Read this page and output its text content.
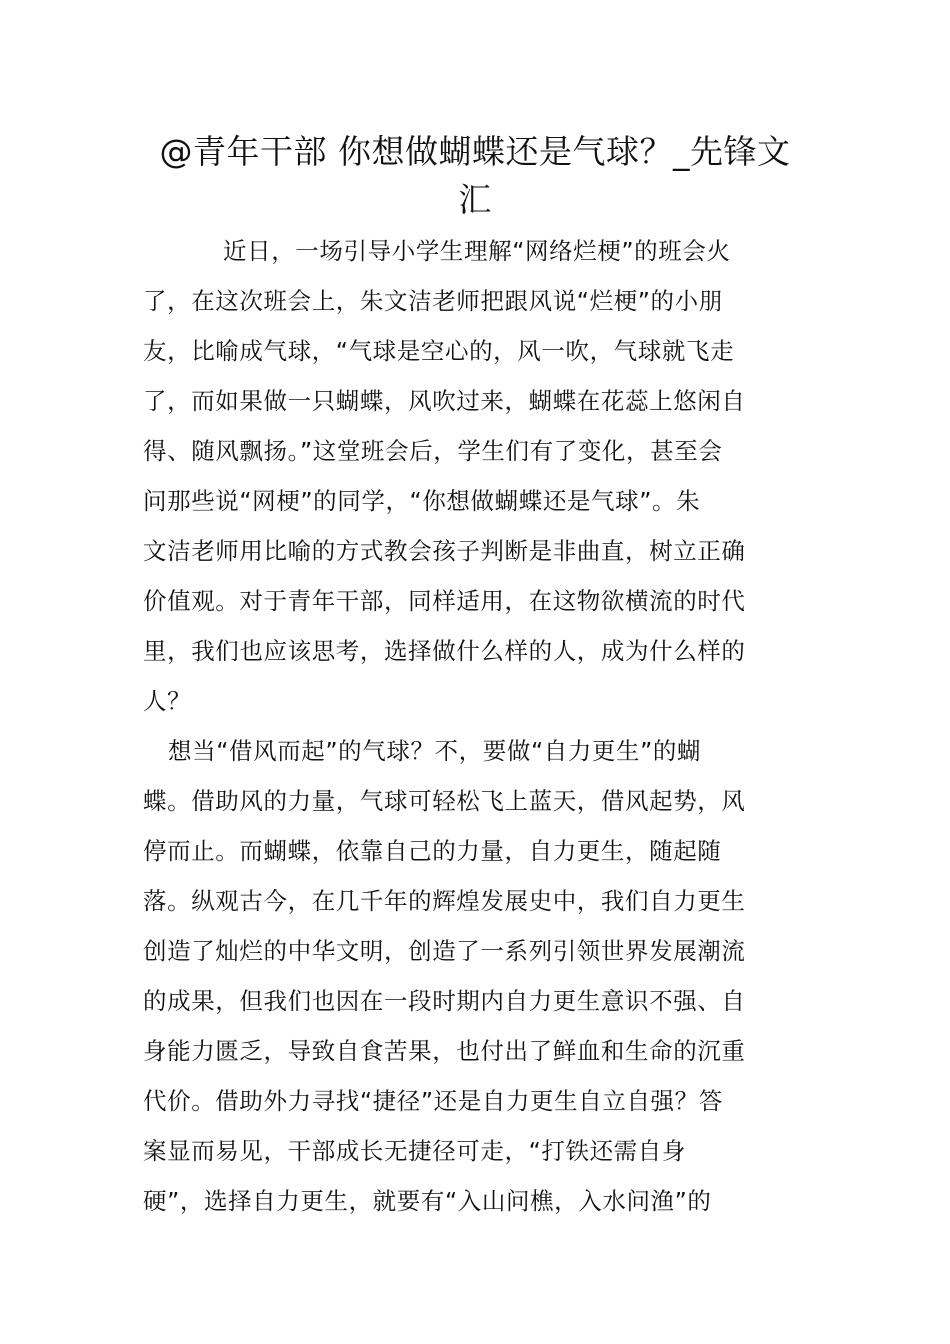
@青年干部 你想做蝴蝶还是气球？_先锋文
汇

近日，一场引导小学生理解“网络烂梗”的班会火
了，在这次班会上，朱文洁老师把跟风说“烂梗”的小朋
友，比喻成气球，“气球是空心的，风一吹，气球就飞走
了，而如果做一只蝴蝶，风吹过来，蝴蝶在花蕊上悠闲自
得、随风飘扬。”这堂班会后，学生们有了变化，甚至会
问那些说“网梗”的同学，“你想做蝴蝶还是气球”。朱
文洁老师用比喻的方式教会孩子判断是非曲直，树立正确
价值观。对于青年干部，同样适用，在这物欲横流的时代
里，我们也应该思考，选择做什么样的人，成为什么样的
人？

想当“借风而起”的气球？不，要做“自力更生”的蝴
蝶。借助风的力量，气球可轻松飞上蓝天，借风起势，风
停而止。而蝴蝶，依靠自己的力量，自力更生，随起随
落。纵观古今，在几千年的辉煌发展史中，我们自力更生
创造了灿烂的中华文明，创造了一系列引领世界发展潮流
的成果，但我们也因在一段时期内自力更生意识不强、自
身能力匮乏，导致自食苦果，也付出了鲜血和生命的沉重
代价。借助外力寻找“捷径”还是自力更生自立自强？答
案显而易见，干部成长无捷径可走，“打铁还需自身
硬”，选择自力更生，就要有“入山问樵，入水问渔”的
